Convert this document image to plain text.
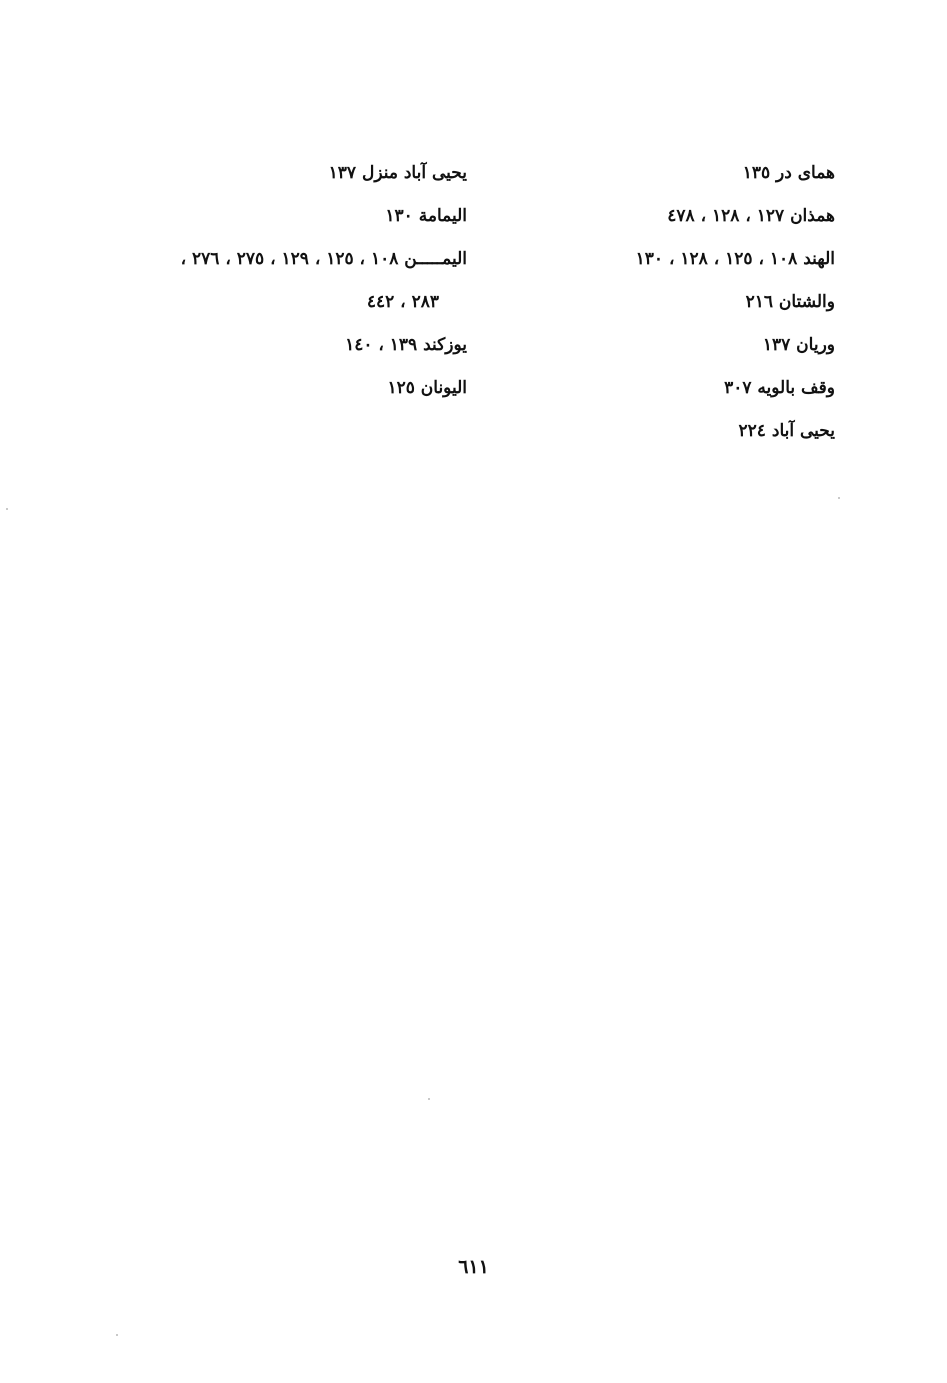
همای در ١٣٥
همذان ١٢٧ ، ١٢٨ ، ٤٧٨
الهند ١٠٨ ، ١٢٥ ، ١٢٨ ، ١٣٠
والشتان ٢١٦
وريان ١٣٧
وقف بالويه ٣٠٧
يحيى آباد ٢٢٤
يحيى آباد منزل ١٣٧
اليمامة ١٣٠
اليمـــــن ١٠٨ ، ١٢٥ ، ١٢٩ ، ٢٧٥ ، ٢٧٦ ،
٢٨٣ ، ٤٤٢
يوزكند ١٣٩ ، ١٤٠
اليونان ١٢٥
٦١١
